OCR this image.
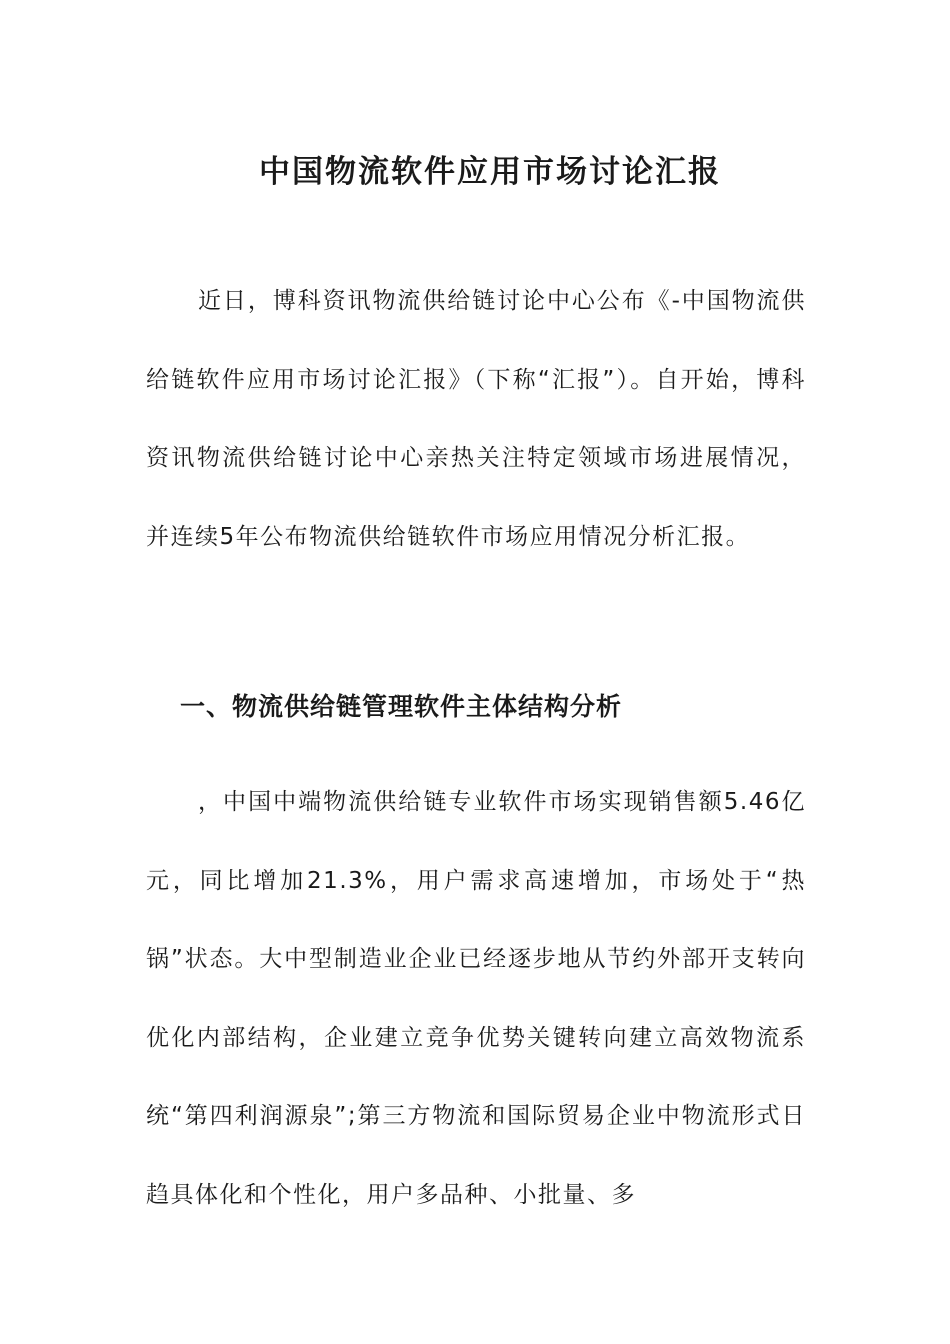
中国物流软件应用市场讨论汇报

近日，博科资讯物流供给链讨论中心公布《-中国物流供给链软件应用市场讨论汇报》（下称“汇报”）。自开始，博科资讯物流供给链讨论中心亲热关注特定领域市场进展情况，并连续5年公布物流供给链软件市场应用情况分析汇报。

一、物流供给链管理软件主体结构分析

，中国中端物流供给链专业软件市场实现销售额5.46亿元，同比增加21.3%，用户需求高速增加，市场处于“热锅”状态。大中型制造业企业已经逐步地从节约外部开支转向优化内部结构，企业建立竞争优势关键转向建立高效物流系统“第四利润源泉”;第三方物流和国际贸易企业中物流形式日趋具体化和个性化，用户多品种、小批量、多
